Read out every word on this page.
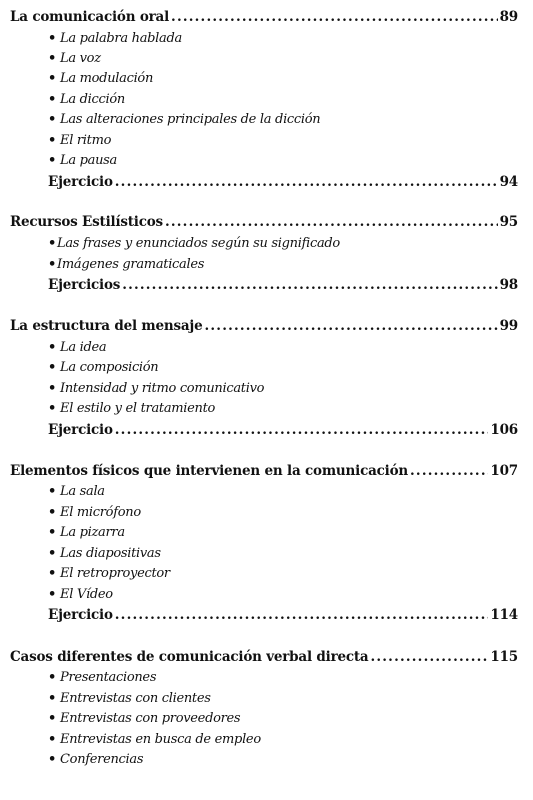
La comunicación oral .....	89
• La palabra hablada
• La voz
• La modulación
• La dicción
• Las alteraciones principales de la dicción
• El ritmo
• La pausa
Ejercicio .....	94
Recursos Estilísticos .....	95
• Las frases y enunciados según su significado
• Imágenes gramaticales
Ejercicios .....	98
La estructura del mensaje .....	99
• La idea
• La composición
• Intensidad y ritmo comunicativo
• El estilo y el tratamiento
Ejercicio .....	106
Elementos físicos que intervienen en la comunicación .....	107
• La sala
• El micrófono
• La pizarra
• Las diapositivas
• El retroproyector
• El Vídeo
Ejercicio .....	114
Casos diferentes de comunicación verbal directa .....	115
• Presentaciones
• Entrevistas con clientes
• Entrevistas con proveedores
• Entrevistas en busca de empleo
• Conferencias
